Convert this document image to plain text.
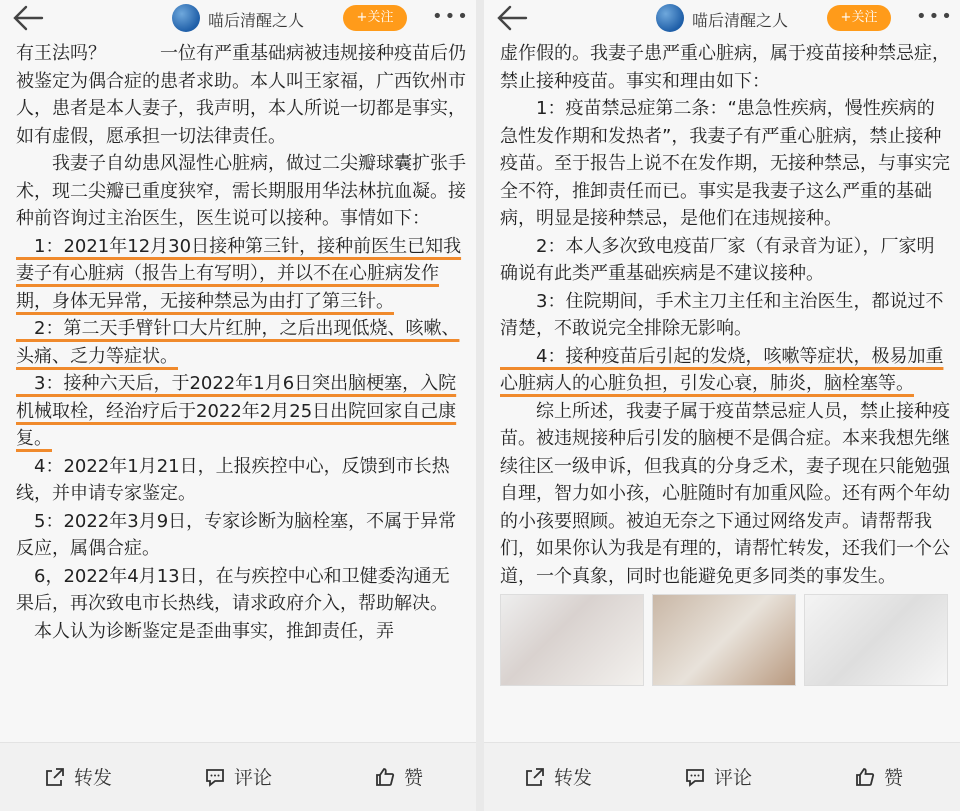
喵后清醒之人	+关注	•••

有王法吗？　　　一位有严重基础病被违规接种疫苗后仍被鉴定为偶合症的患者求助。本人叫王家福，广西钦州市人，患者是本人妻子，我声明，本人所说一切都是事实，如有虚假，愿承担一切法律责任。

　　我妻子自幼患风湿性心脏病，做过二尖瓣球囊扩张手术，现二尖瓣已重度狭窄，需长期服用华法林抗血凝。接种前咨询过主治医生，医生说可以接种。事情如下：

　1：2021年12月30日接种第三针，接种前医生已知我妻子有心脏病（报告上有写明），并以不在心脏病发作期，身体无异常，无接种禁忌为由打了第三针。

　2：第二天手臂针口大片红肿，之后出现低烧、咳嗽、头痛、乏力等症状。

　3：接种六天后，于2022年1月6日突出脑梗塞，入院机械取栓，经治疗后于2022年2月25日出院回家自己康复。

　4：2022年1月21日，上报疾控中心，反馈到市长热线，并申请专家鉴定。

　5：2022年3月9日，专家诊断为脑栓塞，不属于异常反应，属偶合症。

　6，2022年4月13日，在与疾控中心和卫健委沟通无果后，再次致电市长热线，请求政府介入，帮助解决。

　本人认为诊断鉴定是歪曲事实，推卸责任，弄

转发	评论	赞
喵后清醒之人	+关注	•••

虚作假的。我妻子患严重心脏病，属于疫苗接种禁忌症，禁止接种疫苗。事实和理由如下：

　　1：疫苗禁忌症第二条：“患急性疾病，慢性疾病的急性发作期和发热者”，我妻子有严重心脏病，禁止接种疫苗。至于报告上说不在发作期，无接种禁忌，与事实完全不符，推卸责任而已。事实是我妻子这么严重的基础病，明显是接种禁忌，是他们在违规接种。

　　2：本人多次致电疫苗厂家（有录音为证），厂家明确说有此类严重基础疾病是不建议接种。

　　3：住院期间，手术主刀主任和主治医生，都说过不清楚，不敢说完全排除无影响。

　　4：接种疫苗后引起的发烧，咳嗽等症状，极易加重心脏病人的心脏负担，引发心衰，肺炎，脑栓塞等。

　　综上所述，我妻子属于疫苗禁忌症人员，禁止接种疫苗。被违规接种后引发的脑梗不是偶合症。本来我想先继续往区一级申诉，但我真的分身乏术，妻子现在只能勉强自理，智力如小孩，心脏随时有加重风险。还有两个年幼的小孩要照顾。被迫无奈之下通过网络发声。请帮帮我们，如果你认为我是有理的，请帮忙转发，还我们一个公道，一个真象，同时也能避免更多同类的事发生。

转发	评论	赞
